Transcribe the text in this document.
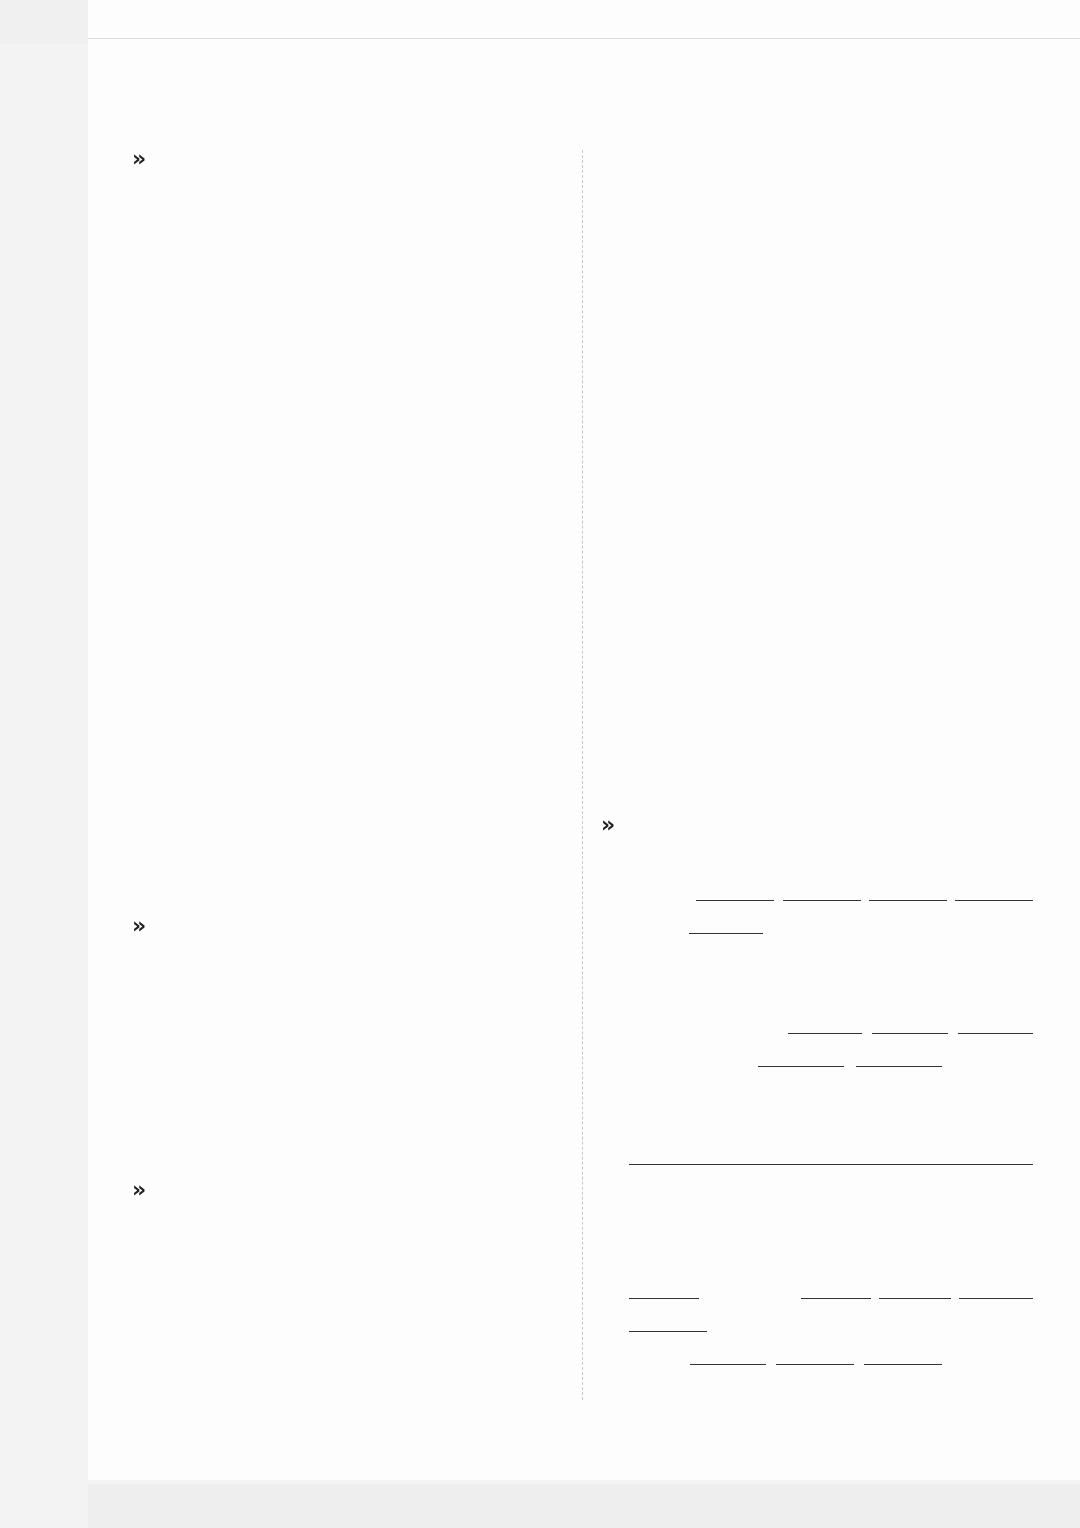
»
»
»
»
